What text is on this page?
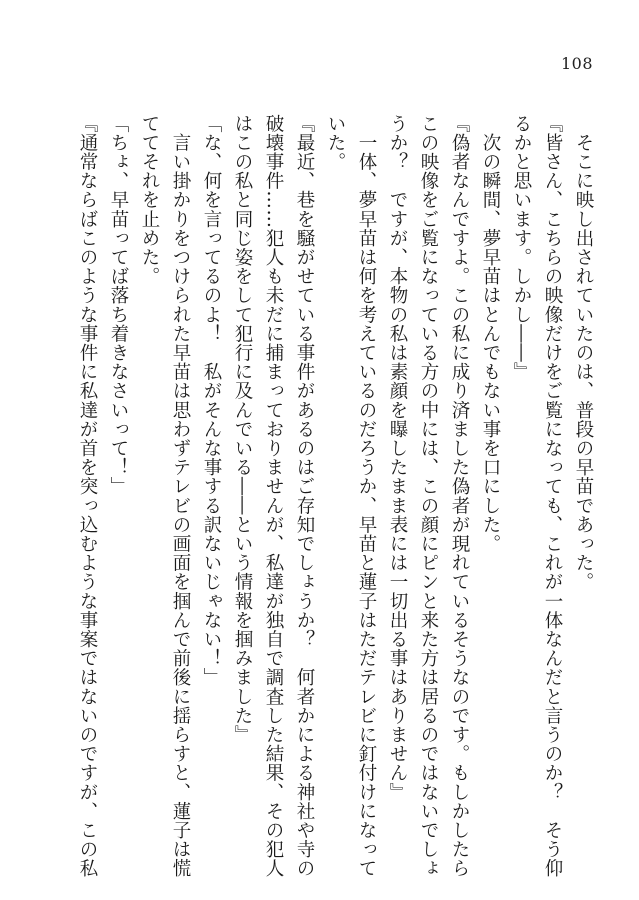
108
　そこに映し出されていたのは、普段の早苗であった。
『皆さん、こちらの映像だけをご覧になっても、これが一体なんだと言うのか？　そう仰
るかと思います。しかし――』
　次の瞬間、夢早苗はとんでもない事を口にした。
『偽者なんですよ。この私に成り済ました偽者が現れているそうなのです。もしかしたら
この映像をご覧になっている方の中には、この顔にピンと来た方は居るのではないでしょ
うか？　ですが、本物の私は素顔を曝したまま表には一切出る事はありません』
　一体、夢早苗は何を考えているのだろうか、早苗と蓮子はただテレビに釘付けになって
いた。
『最近、巷を騒がせている事件があるのはご存知でしょうか？　何者かによる神社や寺の
破壊事件……犯人も未だに捕まっておりませんが、私達が独自で調査した結果、その犯人
はこの私と同じ姿をして犯行に及んでいる――という情報を掴みました』
「な、何を言ってるのよ！　私がそんな事する訳ないじゃない！」
　言い掛かりをつけられた早苗は思わずテレビの画面を掴んで前後に揺らすと、蓮子は慌
ててそれを止めた。
「ちょ、早苗ってば落ち着きなさいって！」
『通常ならばこのような事件に私達が首を突っ込むような事案ではないのですが、この私
